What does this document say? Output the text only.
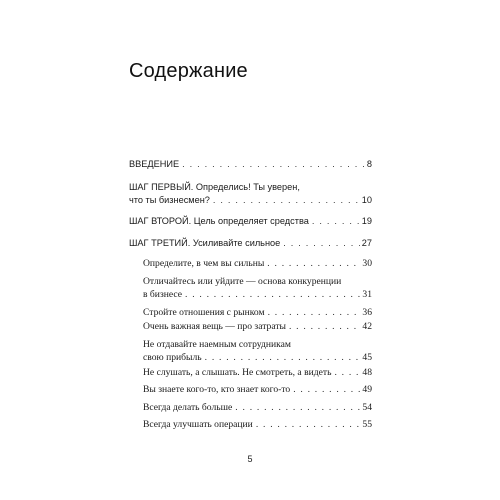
Содержание
ВВЕДЕНИЕ . . .	8
ШАГ ПЕРВЫЙ. Определись! Ты уверен,
что ты бизнесмен? . . .	10
ШАГ ВТОРОЙ. Цель определяет средства . . .	19
ШАГ ТРЕТИЙ. Усиливайте сильное . . .	27
Определите, в чем вы сильны . . .	30
Отличайтесь или уйдите — основа конкуренции
в бизнесе . . .	31
Стройте отношения с рынком . . .	36
Очень важная вещь — про затраты . . .	42
Не отдавайте наемным сотрудникам
свою прибыль . . .	45
Не слушать, а слышать. Не смотреть, а видеть . . .	48
Вы знаете кого-то, кто знает кого-то . . .	49
Всегда делать больше . . .	54
Всегда улучшать операции . . .	55
5
